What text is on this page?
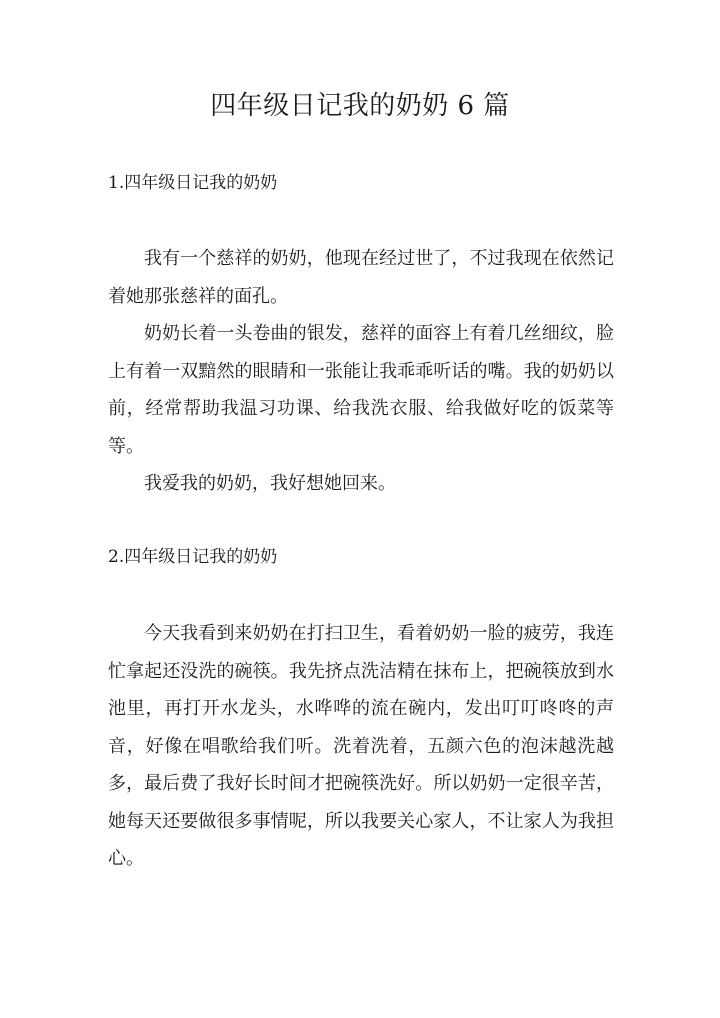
四年级日记我的奶奶 6 篇
1.四年级日记我的奶奶

我有一个慈祥的奶奶，他现在经过世了，不过我现在依然记着她那张慈祥的面孔。

奶奶长着一头卷曲的银发，慈祥的面容上有着几丝细纹，脸上有着一双黯然的眼睛和一张能让我乖乖听话的嘴。我的奶奶以前，经常帮助我温习功课、给我洗衣服、给我做好吃的饭菜等等。

我爱我的奶奶，我好想她回来。

2.四年级日记我的奶奶

今天我看到来奶奶在打扫卫生，看着奶奶一脸的疲劳，我连忙拿起还没洗的碗筷。我先挤点洗洁精在抹布上，把碗筷放到水池里，再打开水龙头，水哗哗的流在碗内，发出叮叮咚咚的声音，好像在唱歌给我们听。洗着洗着，五颜六色的泡沫越洗越多，最后费了我好长时间才把碗筷洗好。所以奶奶一定很辛苦，她每天还要做很多事情呢，所以我要关心家人，不让家人为我担心。
